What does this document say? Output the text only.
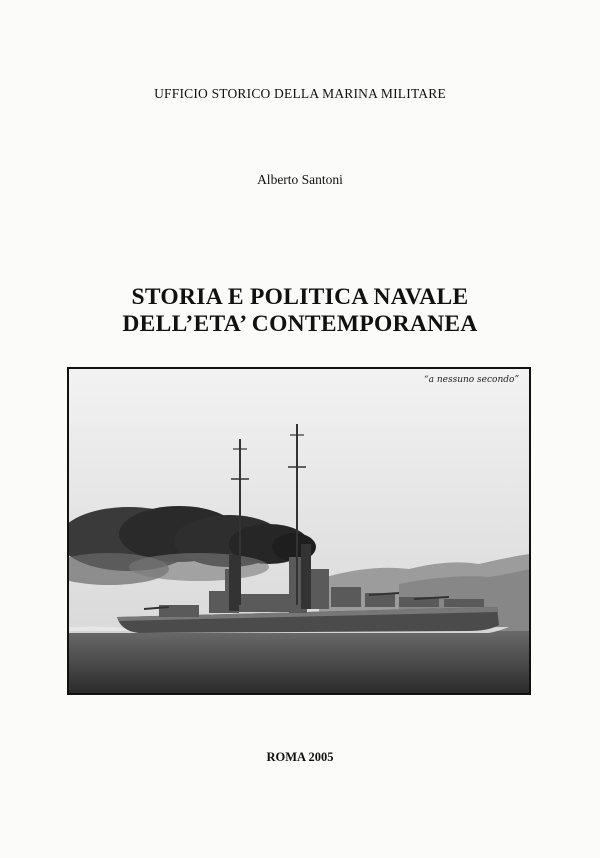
UFFICIO STORICO DELLA MARINA MILITARE
Alberto Santoni
STORIA E POLITICA NAVALE
DELL’ETA’ CONTEMPORANEA
“a nessuno secondo”
ROMA 2005
